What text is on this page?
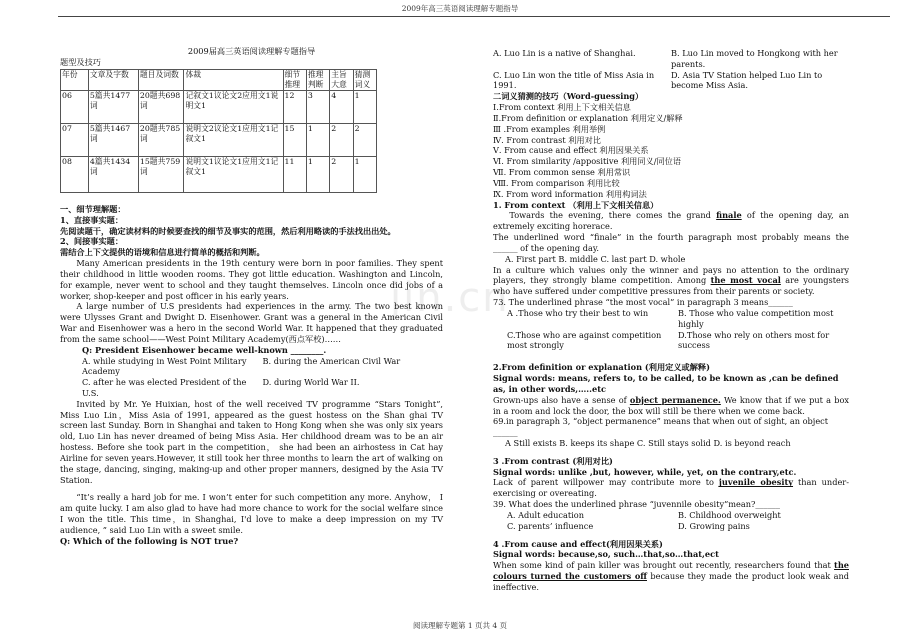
2009年高三英语阅读理解专题指导
jin.cn

2009届高三英语阅读理解专题指导

题型及技巧

年份	文章及字数	题目及词数	体裁	细节推理	推理判断	主旨大意	猜测词义
06	5篇共1477词	20题共698词	记叙文1议论文2应用文1说明文1	12	3	4	1
07	5篇共1467词	20题共785词	说明文2议论文1应用文1记叙文1	15	1	2	2
08	4篇共1434词	15题共759词	说明文1议论文1应用文1记叙文1	11	1	2	1

一、细节理解题：

1、直接事实题：

先阅读题干，确定读材料的时候要查找的细节及事实的范围，然后利用略读的手法找出出处。

2、间接事实题：

需结合上下文提供的语境和信息进行简单的概括和判断。

Many American presidents in the 19th century were born in poor families. They spent their childhood in little wooden rooms. They got little education. Washington and Lincoln, for example, never went to school and they taught themselves. Lincoln once did jobs of a worker, shop-keeper and post officer in his early years.

A large number of U.S presidents had experiences in the army. The two best known were Ulysses Grant and Dwight D. Eisenhower. Grant was a general in the American Civil War and Eisenhower was a hero in the second World War. It happened that they graduated from the same school——West Point Military Academy(西点军校)……

Q: President Eisenhower became well-known ________.

A. while studying in West Point Military Academy
B. during the American Civil War
C. after he was elected President of the U.S.
D. during World War II.

Invited by Mr. Ye Huixian, host of the well received TV programme “Stars Tonight”, Miss Luo Lin，Miss Asia of 1991, appeared as the guest hostess on the Shan ghai TV screen last Sunday. Born in Shanghai and taken to Hong Kong when she was only six years old, Luo Lin has never dreamed of being Miss Asia. Her childhood dream was to be an air hostess. Before she took part in the competition， she had been an airhostess in Cat hay Airline for seven years.However, it still took her three months to learn the art of walking on the stage, dancing, singing, making-up and other proper manners, designed by the Asia TV Station.

“It’s really a hard job for me. I won’t enter for such competition any more. Anyhow， I am quite lucky. I am also glad to have had more chance to work for the social welfare since I won the title. This time，in Shanghai, I'd love to make a deep impression on my TV audience, ” said Luo Lin with a sweet smile.

Q: Which of the following is NOT true?

A. Luo Lin is a native of Shanghai.	B. Luo Lin moved to Hongkong with her parents.
C. Luo Lin won the title of Miss Asia in 1991.
D. Asia TV Station helped Luo Lin to become Miss Asia.

二词义猜测的技巧（Word-guessing）

Ⅰ.From context 利用上下文相关信息

Ⅱ.From definition or explanation 利用定义/解释

Ⅲ .From examples 利用举例

Ⅳ. From contrast 利用对比

Ⅴ. From cause and effect 利用因果关系

Ⅵ. From similarity /appositive 利用同义/同位语

Ⅶ. From common sense 利用常识

Ⅷ. From comparison 利用比较

Ⅸ. From word information 利用构词法

1. From context （利用上下文相关信息）

Towards the evening, there comes the grand finale of the opening day, an extremely exciting horerace.

The underlined word “finale” in the fourth paragraph most probably means the ______ of the opening day.

A. First part B. middle C. last part D. whole

In a culture which values only the winner and pays no attention to the ordinary players, they strongly blame competition. Among the most vocal are youngsters who have suffered under competitive pressures from their parents or society.

73. The underlined phrase “the most vocal” in paragraph 3 means______

A .Those who try their best to win	B. Those who value competition most highly
C.Those who are against competition most strongly
D.Those who rely on others most for success

2.From definition or explanation (利用定义或解释)

Signal words: means, refers to, to be called, to be known as ,can be defined as, in other words,…..etc

Grown-ups also have a sense of object permanence. We know that if we put a box in a room and lock the door, the box will still be there when we come back.

69.in paragraph 3, “object permanence” means that when out of sight, an object ______

A Still exists B. keeps its shape C. Still stays solid D. is beyond reach

3 .From contrast (利用对比)

Signal words: unlike ,but, however, while, yet, on the contrary,etc.

Lack of parent willpower may contribute more to juvenile obesity than under-exercising or overeating.

39. What does the underlined phrase “juvennile obesity”mean?______

A. Adult education	B. Childhood overweight
C. parents’ influence	D. Growing pains

4 .From cause and effect(利用因果关系)

Signal words: because,so, such…that,so…that,ect

When some kind of pain killer was brought out recently, researchers found that the colours turned the customers off because they made the product look weak and ineffective.

阅读理解专题第 1 页共 4 页
